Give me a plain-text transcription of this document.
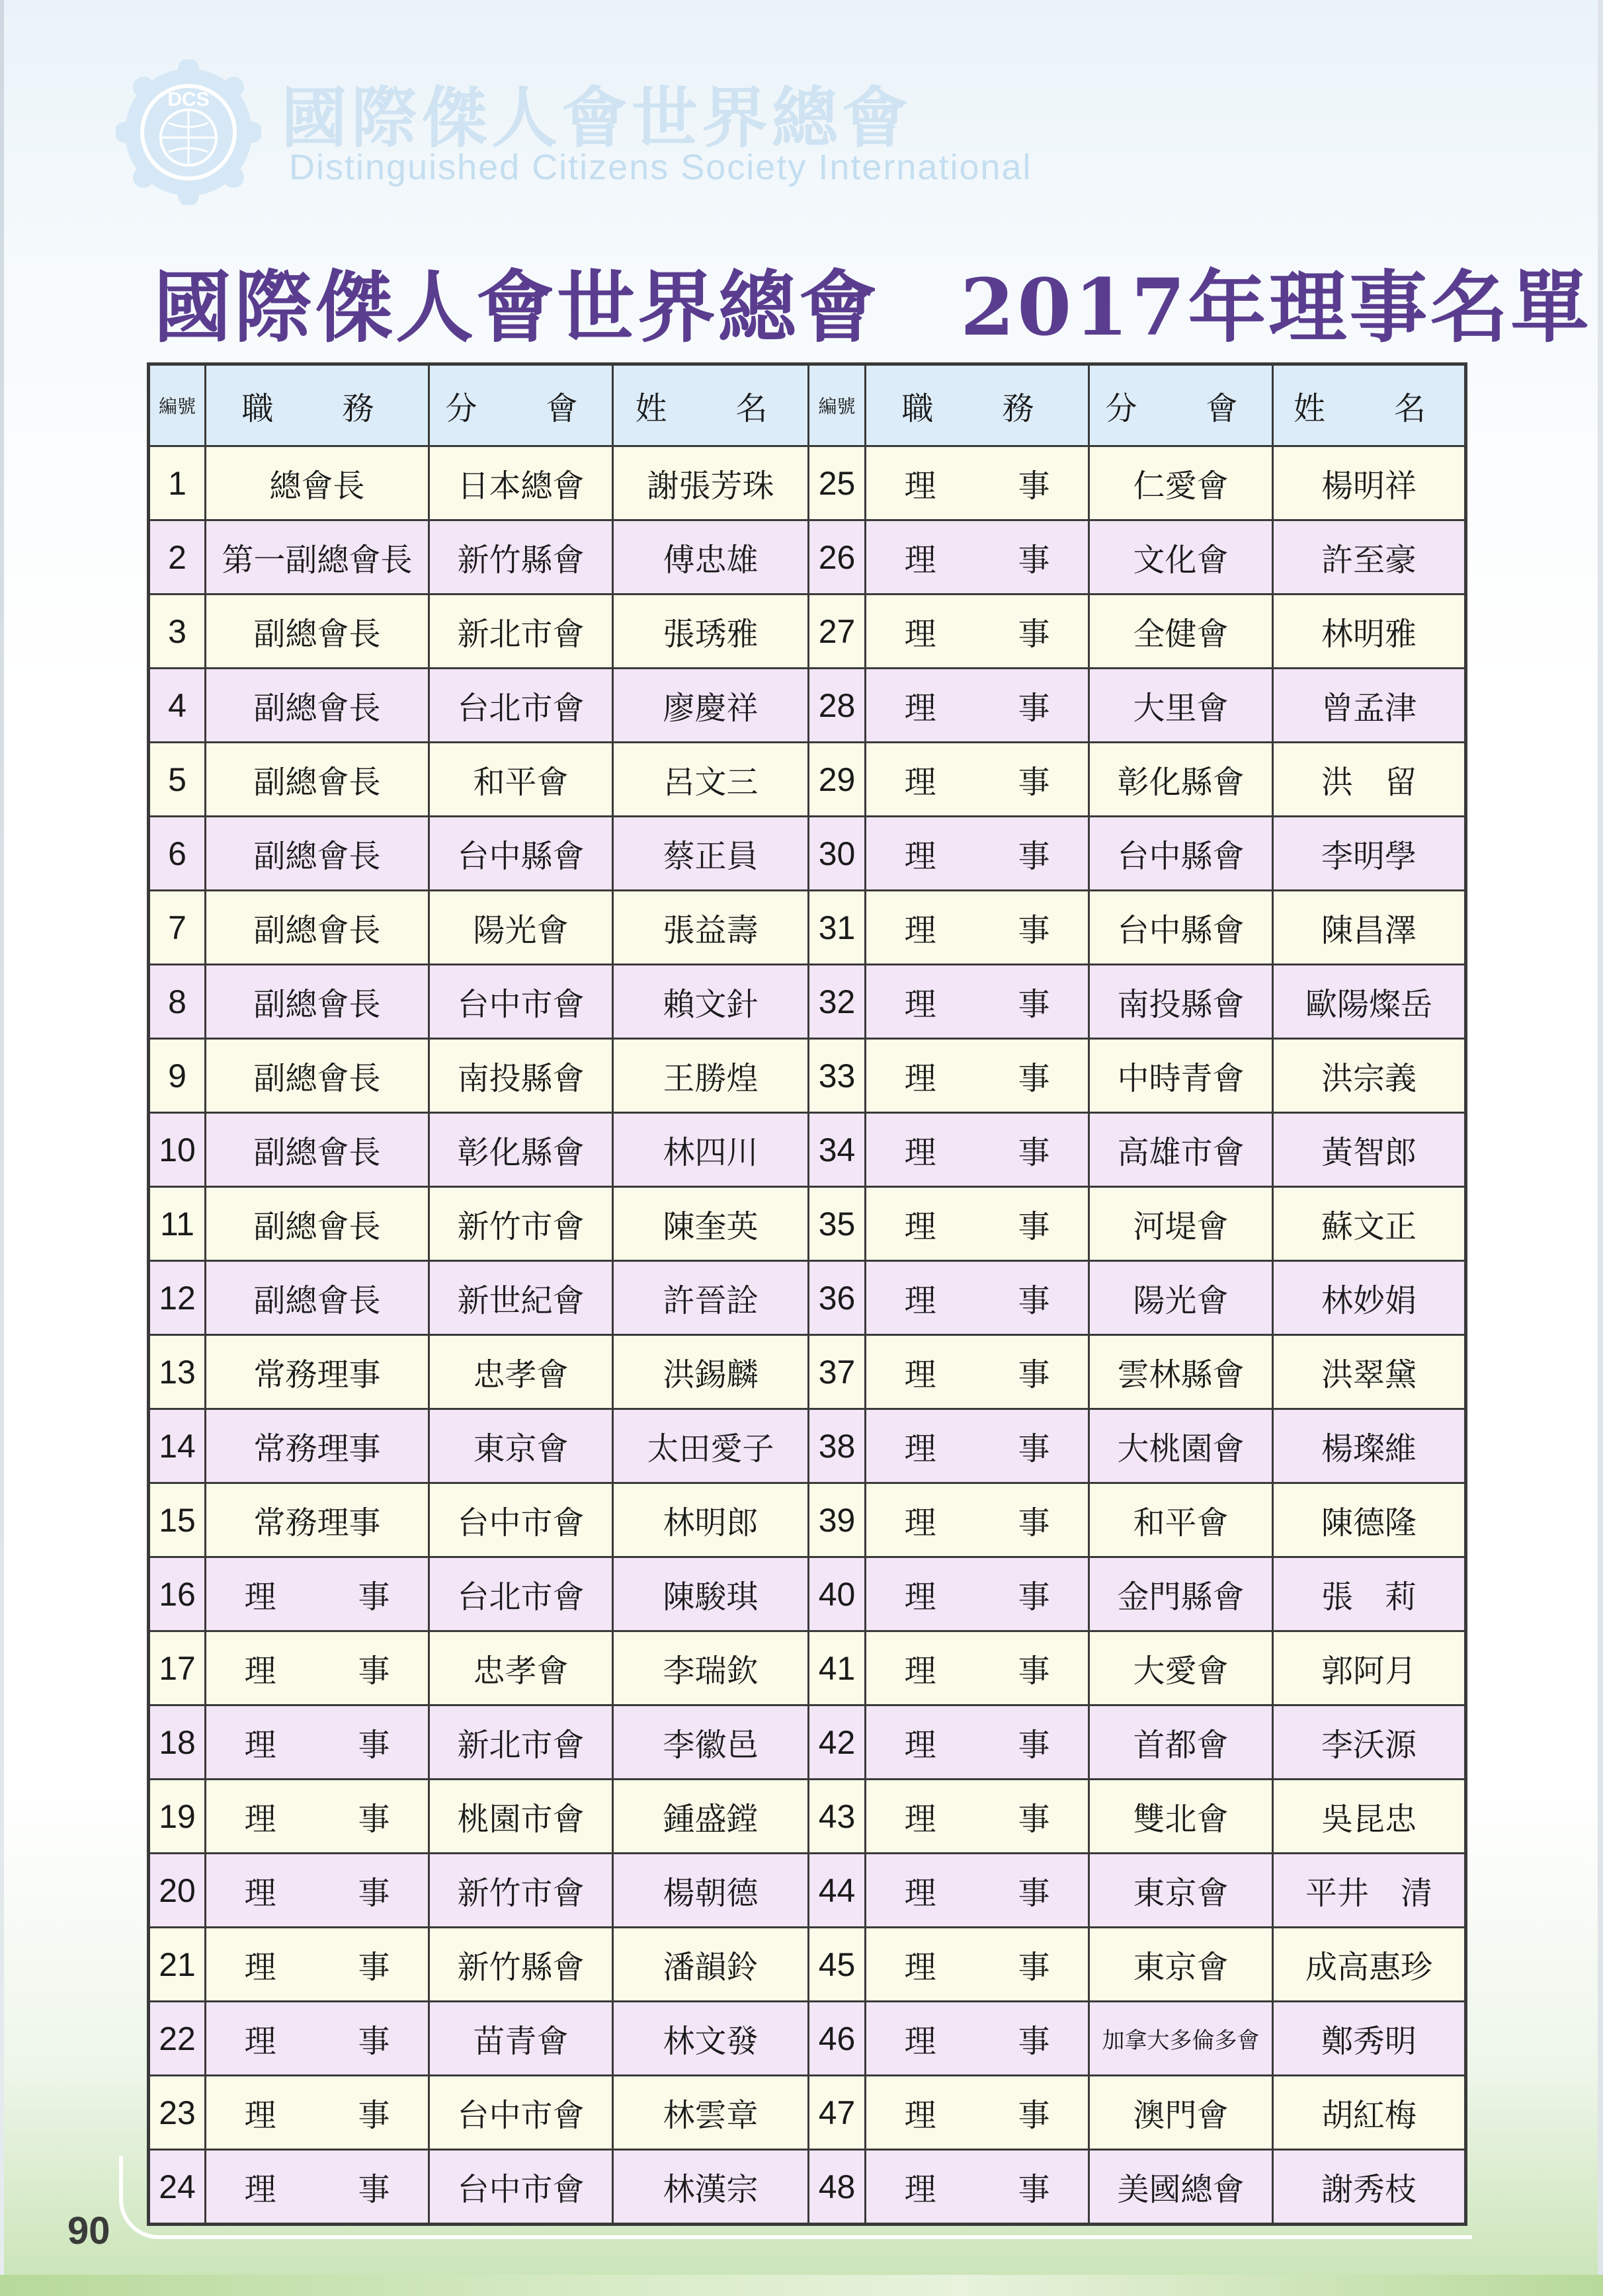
DCS 國際傑人會世界總會
Distinguished Citizens Society International
國際傑人會世界總會　2017年理事名單
編號	職　務	分　會	姓　名	編號	職　務	分　會	姓　名
1	總會長	日本總會	謝張芳珠	25	理 事	仁愛會	楊明祥
2	第一副總會長	新竹縣會	傅忠雄	26	理 事	文化會	許至豪
3	副總會長	新北市會	張琇雅	27	理 事	全健會	林明雅
4	副總會長	台北市會	廖慶祥	28	理 事	大里會	曾孟津
5	副總會長	和平會	呂文三	29	理 事	彰化縣會	洪　留
6	副總會長	台中縣會	蔡正員	30	理 事	台中縣會	李明學
7	副總會長	陽光會	張益壽	31	理 事	台中縣會	陳昌澤
8	副總會長	台中市會	賴文針	32	理 事	南投縣會	歐陽燦岳
9	副總會長	南投縣會	王勝煌	33	理 事	中時青會	洪宗義
10	副總會長	彰化縣會	林四川	34	理 事	高雄市會	黃智郎
11	副總會長	新竹市會	陳奎英	35	理 事	河堤會	蘇文正
12	副總會長	新世紀會	許晉詮	36	理 事	陽光會	林妙娟
13	常務理事	忠孝會	洪錫麟	37	理 事	雲林縣會	洪翠黛
14	常務理事	東京會	太田愛子	38	理 事	大桃園會	楊璨維
15	常務理事	台中市會	林明郎	39	理 事	和平會	陳德隆
16	理 事	台北市會	陳駿琪	40	理 事	金門縣會	張　莉
17	理 事	忠孝會	李瑞欽	41	理 事	大愛會	郭阿月
18	理 事	新北市會	李徽邑	42	理 事	首都會	李沃源
19	理 事	桃園市會	鍾盛鏜	43	理 事	雙北會	吳昆忠
20	理 事	新竹市會	楊朝德	44	理 事	東京會	平井　清
21	理 事	新竹縣會	潘韻鈴	45	理 事	東京會	成高惠珍
22	理 事	苗青會	林文發	46	理 事	加拿大多倫多會	鄭秀明
23	理 事	台中市會	林雲章	47	理 事	澳門會	胡紅梅
24	理 事	台中市會	林漢宗	48	理 事	美國總會	謝秀枝
90
